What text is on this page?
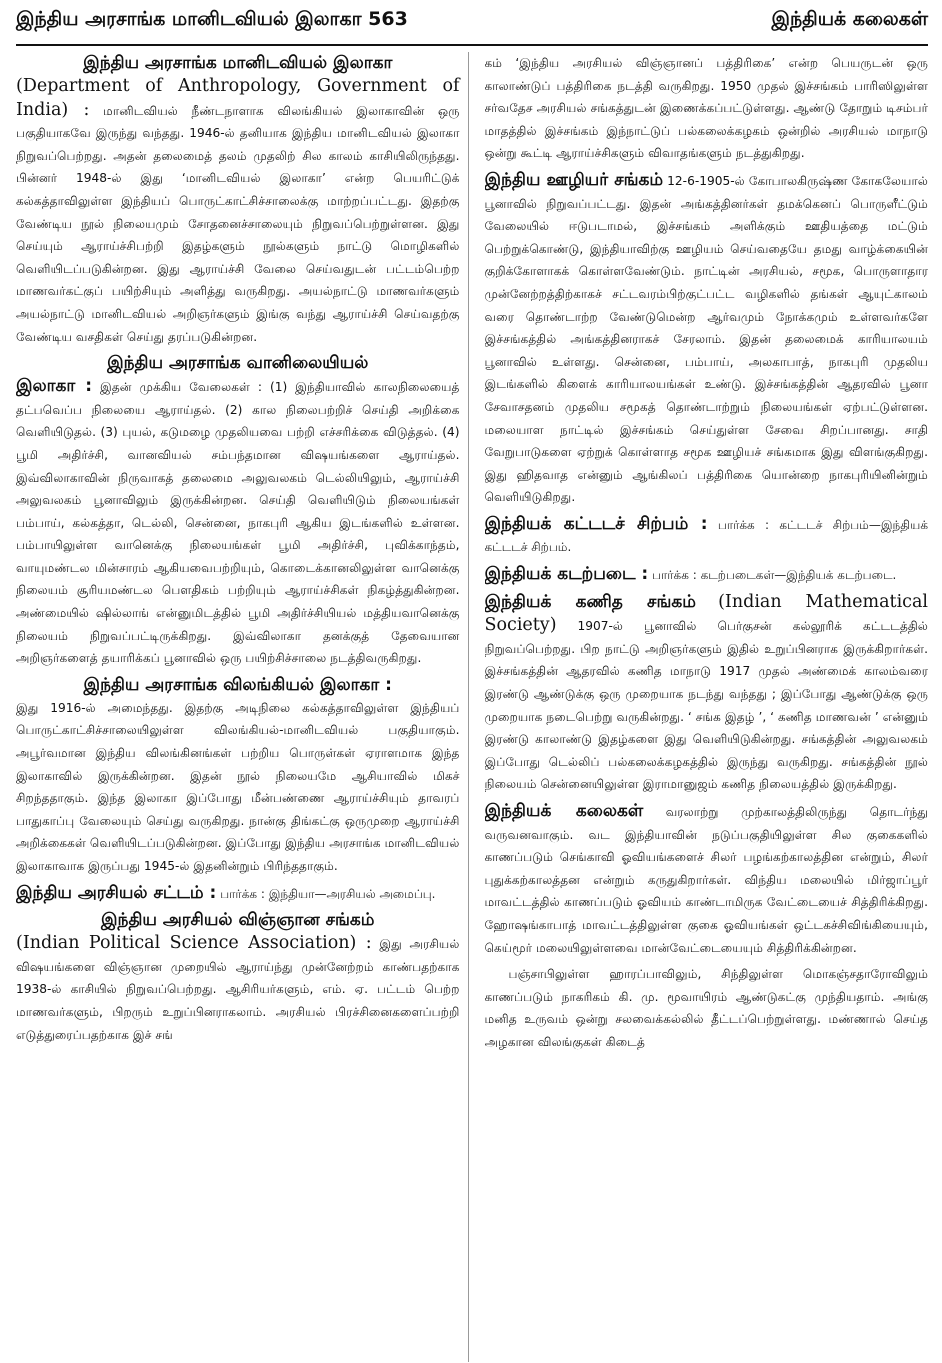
இந்திய அரசாங்க மானிடவியல் இலாகா 563	இந்தியக் கலைகள்

இந்திய அரசாங்க மானிடவியல் இலாகா
(Department of Anthropology, Government of India) : மானிடவியல் நீண்டநாளாக விலங்கியல் இலாகாவின் ஒரு பகுதியாகவே இருந்து வந்தது. 1946-ல் தனியாக இந்திய மானிடவியல் இலாகா நிறுவப்பெற்றது. அதன் தலைமைத் தலம் முதலிற் சில காலம் காசியிலிருந்தது. பின்னர் 1948-ல் இது ‘மானிடவியல் இலாகா’ என்ற பெயரிட்டுக் கல்கத்தாவிலுள்ள இந்தியப் பொருட்காட்சிச்சாலைக்கு மாற்றப்பட்டது. இதற்கு வேண்டிய நூல் நிலையமும் சோதனைச்சாலையும் நிறுவப்பெற்றுள்ளன. இது செய்யும் ஆராய்ச்சிபற்றி இதழ்களும் நூல்களும் நாட்டு மொழிகளில் வெளியிடப்படுகின்றன. இது ஆராய்ச்சி வேலை செய்வதுடன் பட்டம்பெற்ற மாணவர்கட்குப் பயிற்சியும் அளித்து வருகிறது. அயல்நாட்டு மாணவர்களும் அயல்நாட்டு மானிடவியல் அறிஞர்களும் இங்கு வந்து ஆராய்ச்சி செய்வதற்கு வேண்டிய வசதிகள் செய்து தரப்படுகின்றன.

இந்திய அரசாங்க வானிலையியல்
இலாகா : இதன் முக்கிய வேலைகள் : (1) இந்தியாவில் காலநிலையைத் தட்பவெப்ப நிலையை ஆராய்தல். (2) கால நிலைபற்றிச் செய்தி அறிக்கை வெளியிடுதல். (3) புயல், கடுமழை முதலியவை பற்றி எச்சரிக்கை விடுத்தல். (4) பூமி அதிர்ச்சி, வானவியல் சம்பந்தமான விஷயங்களை ஆராய்தல். இவ்விலாகாவின் நிருவாகத் தலைமை அலுவலகம் டெல்லியிலும், ஆராய்ச்சி அலுவலகம் பூனாவிலும் இருக்கின்றன. செய்தி வெளியிடும் நிலையங்கள் பம்பாய், கல்கத்தா, டெல்லி, சென்னை, நாகபுரி ஆகிய இடங்களில் உள்ளன. பம்பாயிலுள்ள வானெக்கு நிலையங்கள் பூமி அதிர்ச்சி, புவிக்காந்தம், வாயுமண்டல மின்சாரம் ஆகியவைபற்றியும், கொடைக்கானலிலுள்ள வானெக்கு நிலையம் சூரியமண்டல பௌதிகம் பற்றியும் ஆராய்ச்சிகள் நிகழ்த்துகின்றன. அண்மையில் ஷில்லாங் என்னுமிடத்தில் பூமி அதிர்ச்சியியல் மத்தியவானெக்கு நிலையம் நிறுவப்பட்டிருக்கிறது. இவ்விலாகா தனக்குத் தேவையான அறிஞர்களைத் தயாரிக்கப் பூனாவில் ஒரு பயிற்சிச்சாலை நடத்திவருகிறது.

இந்திய அரசாங்க விலங்கியல் இலாகா :
இது 1916-ல் அமைந்தது. இதற்கு அடிநிலை கல்கத்தாவிலுள்ள இந்தியப் பொருட்காட்சிச்சாலையிலுள்ள விலங்கியல்-மானிடவியல் பகுதியாகும். அபூர்வமான இந்திய விலங்கினங்கள் பற்றிய பொருள்கள் ஏராளமாக இந்த இலாகாவில் இருக்கின்றன. இதன் நூல் நிலையமே ஆசியாவில் மிகச் சிறந்ததாகும். இந்த இலாகா இப்போது மீன்பண்ணை ஆராய்ச்சியும் தாவரப் பாதுகாப்பு வேலையும் செய்து வருகிறது. நான்கு திங்கட்கு ஒருமுறை ஆராய்ச்சி அறிக்கைகள் வெளியிடப்படுகின்றன. இப்போது இந்திய அரசாங்க மானிடவியல் இலாகாவாக இருப்பது 1945-ல் இதனின்றும் பிரிந்ததாகும்.

இந்திய அரசியல் சட்டம் : பார்க்க : இந்தியா—அரசியல் அமைப்பு.

இந்திய அரசியல் விஞ்ஞான சங்கம்
(Indian Political Science Association) : இது அரசியல் விஷயங்களை விஞ்ஞான முறையில் ஆராய்ந்து முன்னேற்றம் காண்பதற்காக 1938-ல் காசியில் நிறுவப்பெற்றது. ஆசிரியர்களும், எம். ஏ. பட்டம் பெற்ற மாணவர்களும், பிறரும் உறுப்பினராகலாம். அரசியல் பிரச்சினைகளைப்பற்றி எடுத்துரைப்பதற்காக இச் சங்

கம் ‘இந்திய அரசியல் விஞ்ஞானப் பத்திரிகை’ என்ற பெயருடன் ஒரு காலாண்டுப் பத்திரிகை நடத்தி வருகிறது. 1950 முதல் இச்சங்கம் பாரிஸிலுள்ள சர்வதேச அரசியல் சங்கத்துடன் இணைக்கப்பட்டுள்ளது. ஆண்டு தோறும் டிசம்பர் மாதத்தில் இச்சங்கம் இந்நாட்டுப் பல்கலைக்கழகம் ஒன்றில் அரசியல் மாநாடு ஒன்று கூட்டி ஆராய்ச்சிகளும் விவாதங்களும் நடத்துகிறது.

இந்திய ஊழியர் சங்கம் 12-6-1905-ல் கோபாலகிருஷ்ண கோகலேயால் பூனாவில் நிறுவப்பட்டது. இதன் அங்கத்தினர்கள் தமக்கெனப் பொருளீட்டும் வேலையில் ஈடுபடாமல், இச்சங்கம் அளிக்கும் ஊதியத்தை மட்டும் பெற்றுக்கொண்டு, இந்தியாவிற்கு ஊழியம் செய்வதையே தமது வாழ்க்கையின் குறிக்கோளாகக் கொள்ளவேண்டும். நாட்டின் அரசியல், சமூக, பொருளாதார முன்னேற்றத்திற்காகச் சட்டவரம்பிற்குட்பட்ட வழிகளில் தங்கள் ஆயுட்காலம் வரை தொண்டாற்ற வேண்டுமென்ற ஆர்வமும் நோக்கமும் உள்ளவர்களே இச்சங்கத்தில் அங்கத்தினராகச் சேரலாம். இதன் தலைமைக் காரியாலயம் பூனாவில் உள்ளது. சென்னை, பம்பாய், அலகாபாத், நாகபுரி முதலிய இடங்களில் கிளைக் காரியாலயங்கள் உண்டு. இச்சங்கத்தின் ஆதரவில் பூனா சேவாசதனம் முதலிய சமூகத் தொண்டாற்றும் நிலையங்கள் ஏற்பட்டுள்ளன. மலையாள நாட்டில் இச்சங்கம் செய்துள்ள சேவை சிறப்பானது. சாதி வேறுபாடுகளை ஏற்றுக் கொள்ளாத சமூக ஊழியச் சங்கமாக இது விளங்குகிறது. இது ஹிதவாத என்னும் ஆங்கிலப் பத்திரிகை யொன்றை நாகபுரியினின்றும் வெளியிடுகிறது.

இந்தியக் கட்டடச் சிற்பம் : பார்க்க : கட்டடச் சிற்பம்—இந்தியக் கட்டடச் சிற்பம்.

இந்தியக் கடற்படை : பார்க்க : கடற்படைகள்—இந்தியக் கடற்படை.

இந்தியக் கணித சங்கம் (Indian Mathematical Society) 1907-ல் பூனாவில் பெர்குசன் கல்லூரிக் கட்டடத்தில் நிறுவப்பெற்றது. பிற நாட்டு அறிஞர்களும் இதில் உறுப்பினராக இருக்கிறார்கள். இச்சங்கத்தின் ஆதரவில் கணித மாநாடு 1917 முதல் அண்மைக் காலம்வரை இரண்டு ஆண்டுக்கு ஒரு முறையாக நடந்து வந்தது ; இப்போது ஆண்டுக்கு ஒரு முறையாக நடைபெற்று வருகின்றது. ‘ சங்க இதழ் ’, ‘ கணித மாணவன் ’ என்னும் இரண்டு காலாண்டு இதழ்களை இது வெளியிடுகின்றது. சங்கத்தின் அலுவலகம் இப்போது டெல்லிப் பல்கலைக்கழகத்தில் இருந்து வருகிறது. சங்கத்தின் நூல் நிலையம் சென்னையிலுள்ள இராமானுஜம் கணித நிலையத்தில் இருக்கிறது.

இந்தியக் கலைகள் வரலாற்று முற்காலத்திலிருந்து தொடர்ந்து வருவனவாகும். வட இந்தியாவின் நடுப்பகுதியிலுள்ள சில குகைகளில் காணப்படும் செங்காவி ஓவியங்களைச் சிலர் பழங்கற்காலத்தின என்றும், சிலர் புதுக்கற்காலத்தன என்றும் கருதுகிறார்கள். விந்திய மலையில் மிர்ஜாப்பூர் மாவட்டத்தில் காணப்படும் ஓவியம் காண்டாமிருக வேட்டையைச் சித்திரிக்கிறது. ஹோஷங்காபாத் மாவட்டத்திலுள்ள குகை ஓவியங்கள் ஒட்டகச்சிவிங்கியையும், கெய்மூர் மலையிலுள்ளவை மான்வேட்டையையும் சித்திரிக்கின்றன.

பஞ்சாபிலுள்ள ஹாரப்பாவிலும், சிந்திலுள்ள மொகஞ்சதாரோவிலும் காணப்படும் நாகரிகம் கி. மு. மூவாயிரம் ஆண்டுகட்கு முந்தியதாம். அங்கு மனித உருவம் ஒன்று சலவைக்கல்லில் தீட்டப்பெற்றுள்ளது. மண்ணால் செய்த அழகான விலங்குகள் கிடைத்
